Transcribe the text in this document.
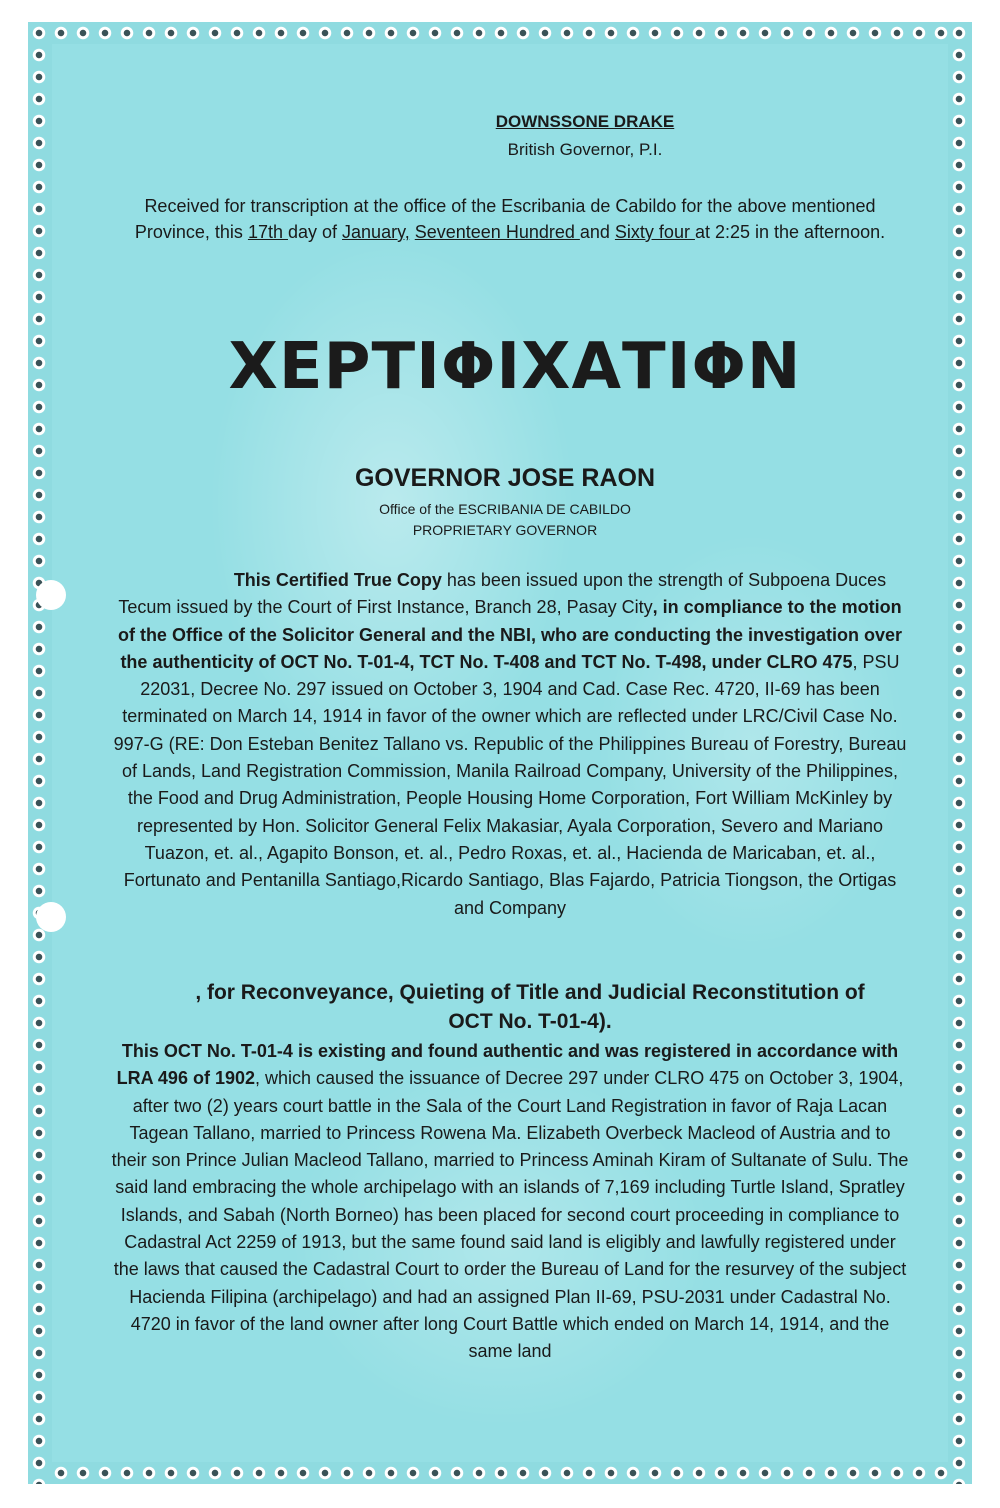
DOWNSSONE DRAKE
British Governor, P.I.
Received for transcription at the office of the Escribania de Cabildo for the above mentioned Province, this 17th day of January, Seventeen Hundred and Sixty four at 2:25 in the afternoon.
ΧΕΡΤΙΦΙΧΑΤΙΦΝ
GOVERNOR JOSE RAON
Office of the ESCRIBANIA DE CABILDO
PROPRIETARY GOVERNOR
This Certified True Copy has been issued upon the strength of Subpoena Duces Tecum issued by the Court of First Instance, Branch 28, Pasay City, in compliance to the motion of the Office of the Solicitor General and the NBI, who are conducting the investigation over the authenticity of OCT No. T-01-4, TCT No. T-408 and TCT No. T-498, under CLRO 475, PSU 22031, Decree No. 297 issued on October 3, 1904 and Cad. Case Rec. 4720, II-69 has been terminated on March 14, 1914 in favor of the owner which are reflected under LRC/Civil Case No. 997-G (RE: Don Esteban Benitez Tallano vs. Republic of the Philippines Bureau of Forestry, Bureau of Lands, Land Registration Commission, Manila Railroad Company, University of the Philippines, the Food and Drug Administration, People Housing Home Corporation, Fort William McKinley by represented by Hon. Solicitor General Felix Makasiar, Ayala Corporation, Severo and Mariano Tuazon, et. al., Agapito Bonson, et. al., Pedro Roxas, et. al., Hacienda de Maricaban, et. al., Fortunato and Pentanilla Santiago,Ricardo Santiago, Blas Fajardo, Patricia Tiongson, the Ortigas and Company
, for Reconveyance, Quieting of Title and Judicial Reconstitution of OCT No. T-01-4).
This OCT No. T-01-4 is existing and found authentic and was registered in accordance with LRA 496 of 1902, which caused the issuance of Decree 297 under CLRO 475 on October 3, 1904, after two (2) years court battle in the Sala of the Court Land Registration in favor of Raja Lacan Tagean Tallano, married to Princess Rowena Ma. Elizabeth Overbeck Macleod of Austria and to their son Prince Julian Macleod Tallano, married to Princess Aminah Kiram of Sultanate of Sulu. The said land embracing the whole archipelago with an islands of 7,169 including Turtle Island, Spratley Islands, and Sabah (North Borneo) has been placed for second court proceeding in compliance to Cadastral Act 2259 of 1913, but the same found said land is eligibly and lawfully registered under the laws that caused the Cadastral Court to order the Bureau of Land for the resurvey of the subject Hacienda Filipina (archipelago) and had an assigned Plan II-69, PSU-2031 under Cadastral No. 4720 in favor of the land owner after long Court Battle which ended on March 14, 1914, and the same land
